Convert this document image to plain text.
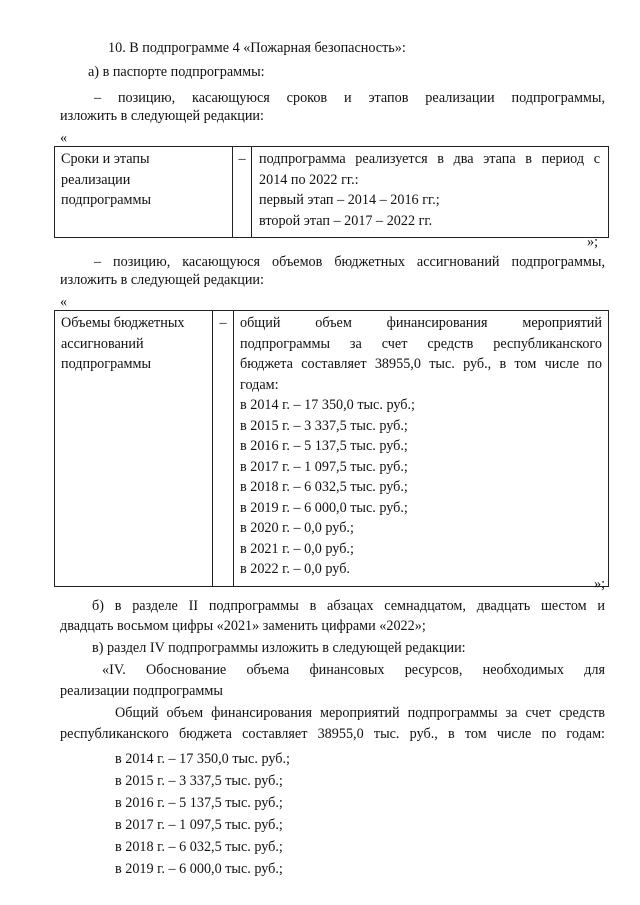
10. В подпрограмме 4 «Пожарная безопасность»:
а) в паспорте подпрограммы:
– позицию, касающуюся сроков и этапов реализации подпрограммы,
изложить в следующей редакции:
«
Сроки и этапы
реализации
подпрограммы

–	подпрограмма реализуется в два этапа в период с
2014 по 2022 гг.:
первый этап – 2014 – 2016 гг.;
второй этап – 2017 – 2022 гг.
»;
– позицию, касающуюся объемов бюджетных ассигнований подпрограммы,
изложить в следующей редакции:
«
Объемы бюджетных
ассигнований
подпрограммы

–	общий объем финансирования мероприятий
подпрограммы за счет средств республиканского
бюджета составляет 38955,0 тыс. руб., в том числе по
годам:
в 2014 г. – 17 350,0 тыс. руб.;
в 2015 г. – 3 337,5 тыс. руб.;
в 2016 г. – 5 137,5 тыс. руб.;
в 2017 г. – 1 097,5 тыс. руб.;
в 2018 г. – 6 032,5 тыс. руб.;
в 2019 г. – 6 000,0 тыс. руб.;
в 2020 г. – 0,0 руб.;
в 2021 г. – 0,0 руб.;
в 2022 г. – 0,0 руб.
»;
б) в разделе II подпрограммы в абзацах семнадцатом, двадцать шестом и
двадцать восьмом цифры «2021» заменить цифрами «2022»;
в) раздел IV подпрограммы изложить в следующей редакции:
«IV. Обоснование объема финансовых ресурсов, необходимых для
реализации подпрограммы
Общий объем финансирования мероприятий подпрограммы за счет средств
республиканского бюджета составляет 38955,0 тыс. руб., в том числе по годам:
в 2014 г. – 17 350,0 тыс. руб.;
в 2015 г. – 3 337,5 тыс. руб.;
в 2016 г. – 5 137,5 тыс. руб.;
в 2017 г. – 1 097,5 тыс. руб.;
в 2018 г. – 6 032,5 тыс. руб.;
в 2019 г. – 6 000,0 тыс. руб.;
